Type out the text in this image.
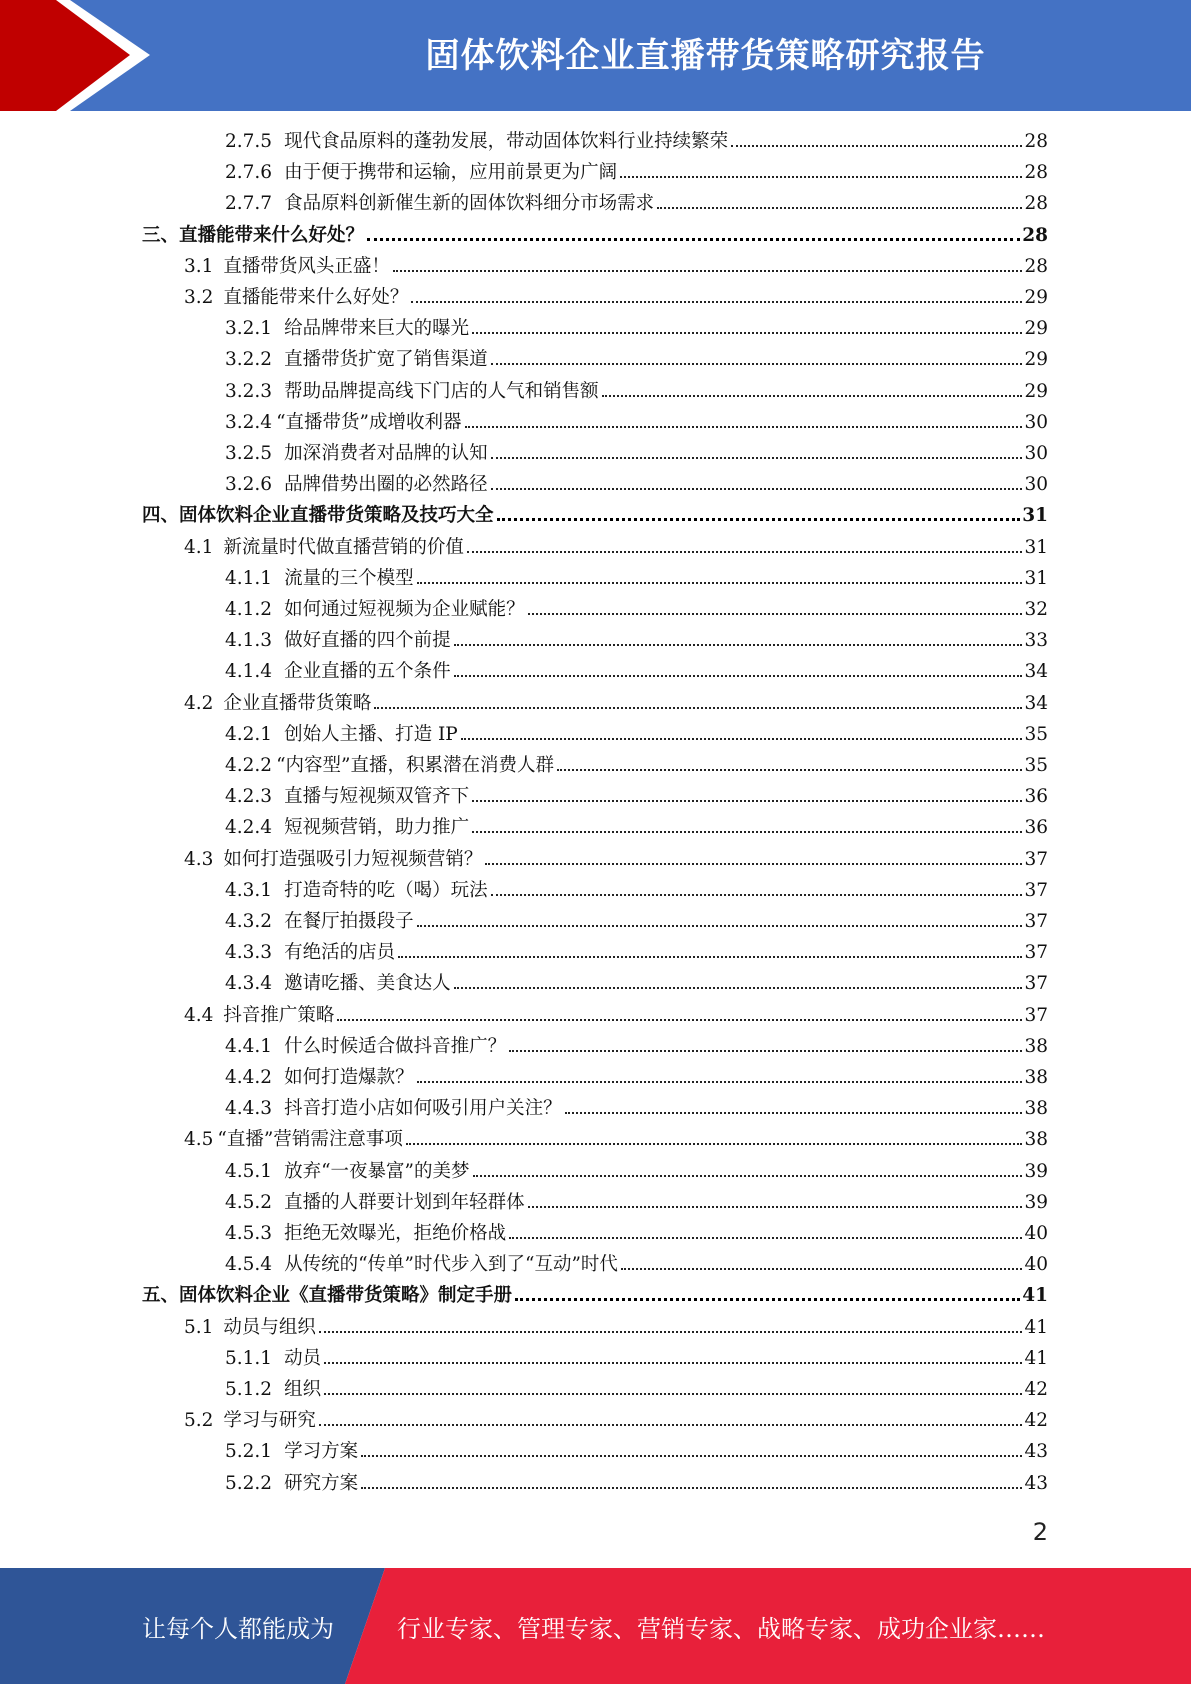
固体饮料企业直播带货策略研究报告
2.7.5 现代食品原料的蓬勃发展，带动固体饮料行业持续繁荣	28
2.7.6 由于便于携带和运输，应用前景更为广阔	28
2.7.7 食品原料创新催生新的固体饮料细分市场需求	28
三、 直播能带来什么好处？	28
3.1 直播带货风头正盛！	28
3.2 直播能带来什么好处？	29
3.2.1 给品牌带来巨大的曝光	29
3.2.2 直播带货扩宽了销售渠道	29
3.2.3 帮助品牌提高线下门店的人气和销售额	29
3.2.4 “直播带货”成增收利器	30
3.2.5 加深消费者对品牌的认知	30
3.2.6 品牌借势出圈的必然路径	30
四、 固体饮料企业直播带货策略及技巧大全	31
4.1 新流量时代做直播营销的价值	31
4.1.1 流量的三个模型	31
4.1.2 如何通过短视频为企业赋能？	32
4.1.3 做好直播的四个前提	33
4.1.4 企业直播的五个条件	34
4.2 企业直播带货策略	34
4.2.1 创始人主播、打造 IP	35
4.2.2 “内容型”直播，积累潜在消费人群	35
4.2.3 直播与短视频双管齐下	36
4.2.4 短视频营销，助力推广	36
4.3 如何打造强吸引力短视频营销？	37
4.3.1 打造奇特的吃（喝）玩法	37
4.3.2 在餐厅拍摄段子	37
4.3.3 有绝活的店员	37
4.3.4 邀请吃播、美食达人	37
4.4 抖音推广策略	37
4.4.1 什么时候适合做抖音推广？	38
4.4.2 如何打造爆款？	38
4.4.3 抖音打造小店如何吸引用户关注？	38
4.5 “直播”营销需注意事项	38
4.5.1 放弃“一夜暴富”的美梦	39
4.5.2 直播的人群要计划到年轻群体	39
4.5.3 拒绝无效曝光，拒绝价格战	40
4.5.4 从传统的“传单”时代步入到了“互动”时代	40
五、 固体饮料企业《直播带货策略》制定手册	41
5.1 动员与组织	41
5.1.1 动员	41
5.1.2 组织	42
5.2 学习与研究	42
5.2.1 学习方案	43
5.2.2 研究方案	43
2
让每个人都能成为	行业专家、管理专家、营销专家、战略专家、成功企业家……
